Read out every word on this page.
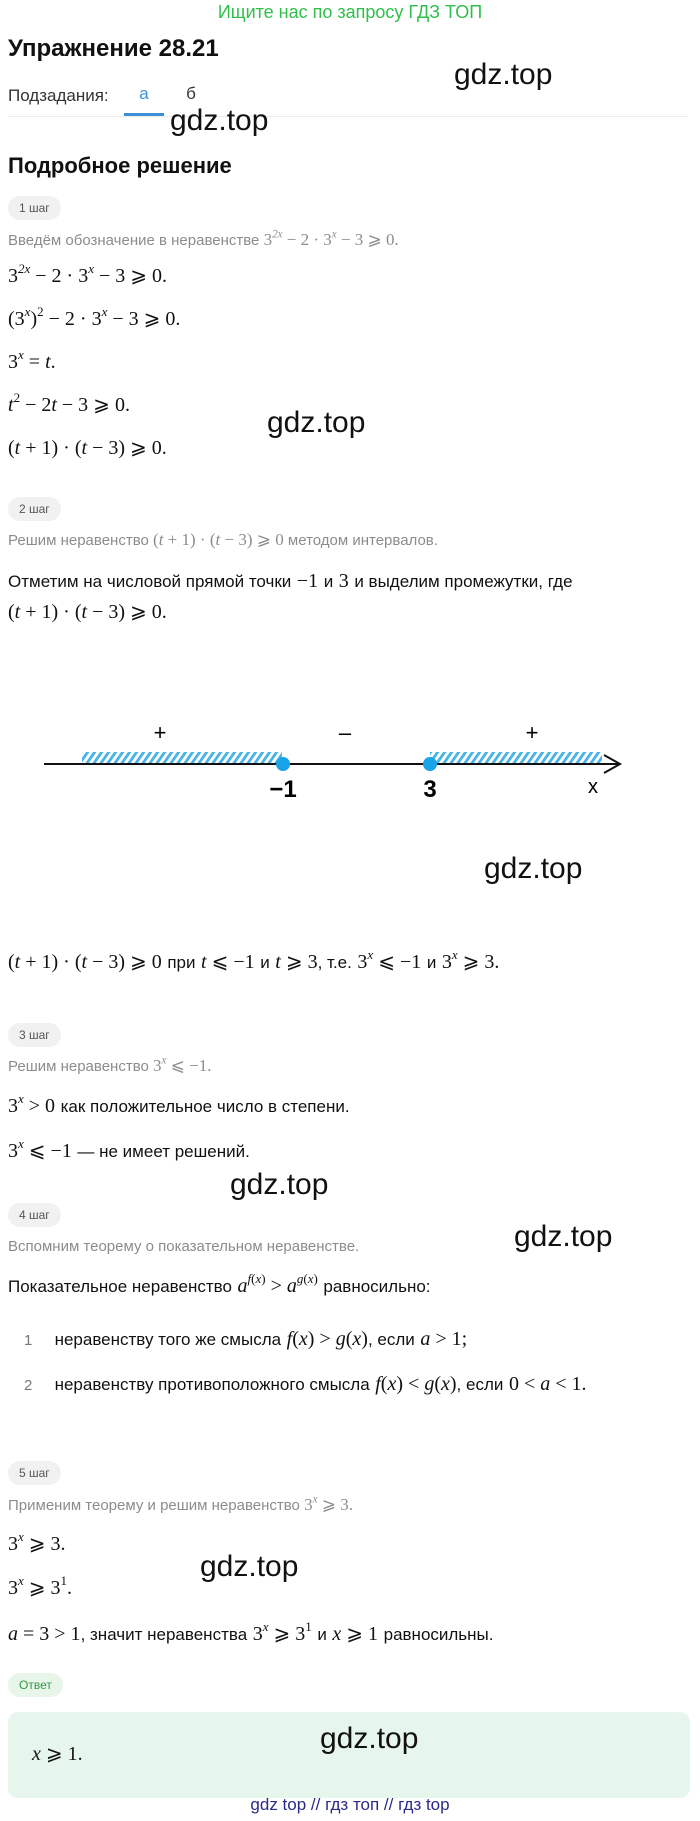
Ищите нас по запросу ГДЗ ТОП
Упражнение 28.21
Подзадания:	а	б
gdz.top
gdz.top
Подробное решение
1 шаг
Введём обозначение в неравенстве $3^{2x} - 2 \cdot 3^x - 3$ ⩾ 0.
$3^{2x} - 2 \cdot 3^x - 3$ ⩾ 0.
$(3^x)^2 - 2 \cdot 3^x - 3$ ⩾ 0.
$3^x = t$.
$t^2 - 2t - 3$ ⩾ 0.
(t + 1) · (t − 3) ⩾ 0.
gdz.top
2 шаг
Решим неравенство (t + 1) · (t − 3) ⩾ 0 методом интервалов.
Отметим на числовой прямой точки −1 и 3 и выделим промежутки, где
(t + 1) · (t − 3) ⩾ 0.
+	–	+
−1	3	x
gdz.top
(t + 1) · (t − 3) ⩾ 0 при t ⩽ −1 и t ⩾ 3, т.е. 3$^x$ ⩽ −1 и 3$^x$ ⩾ 3.
3 шаг
Решим неравенство 3$^x$ ⩽ −1.
$3^x > 0$ как положительное число в степени.
3$^x$ ⩽ −1 — не имеет решений.
gdz.top
4 шаг
gdz.top
Вспомним теорему о показательном неравенстве.
Показательное неравенство $a^{f(x)} > a^{g(x)}$ равносильно:
1 неравенству того же смысла f(x) > g(x), если a > 1;
2 неравенству противоположного смысла f(x) < g(x), если 0 < a < 1.
5 шаг
Применим теорему и решим неравенство 3$^x$ ⩾ 3.
3$^x$ ⩾ 3.
3$^x$ ⩾ $3^1$.
gdz.top
a = 3 > 1, значит неравенства 3$^x$ ⩾ $3^1$ и x ⩾ 1 равносильны.
Ответ
x ⩾ 1.	gdz.top
gdz top // гдз топ // гдз top
